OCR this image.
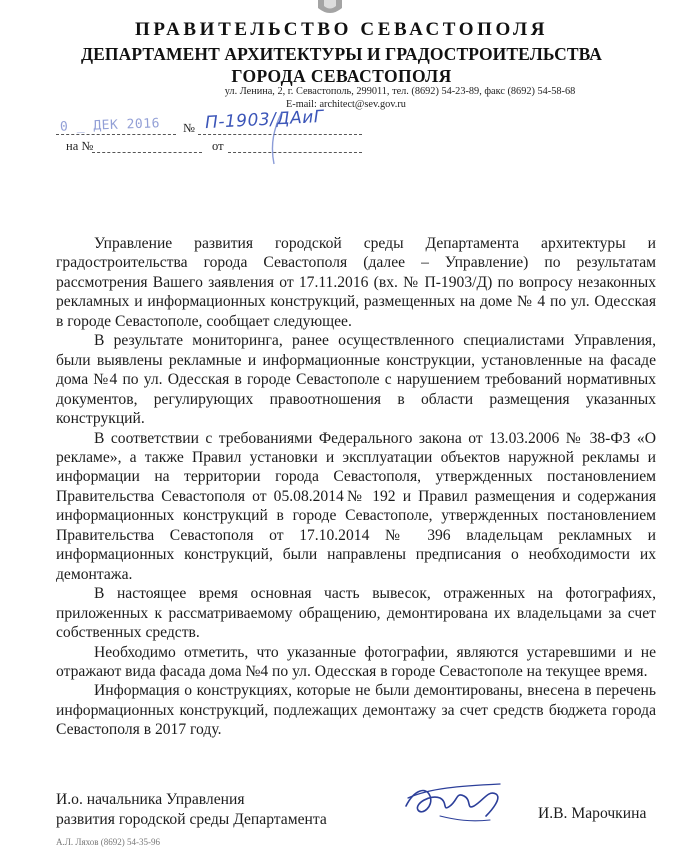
ПРАВИТЕЛЬСТВО СЕВАСТОПОЛЯ
ДЕПАРТАМЕНТ АРХИТЕКТУРЫ И ГРАДОСТРОИТЕЛЬСТВА
ГОРОДА СЕВАСТОПОЛЯ
ул. Ленина, 2, г. Севастополь, 299011, тел. (8692) 54-23-89, факс (8692) 54-58-68
E-mail: architect@sev.gov.ru
0 _ ДЕК 2016 № П-1903/ДАиГ
на №	от

Управление развития городской среды Департамента архитектуры и градостроительства города Севастополя (далее – Управление) по результатам рассмотрения Вашего заявления от 17.11.2016 (вх. № П-1903/Д) по вопросу незаконных рекламных и информационных конструкций, размещенных на доме № 4 по ул. Одесская в городе Севастополе, сообщает следующее.

В результате мониторинга, ранее осуществленного специалистами Управления, были выявлены рекламные и информационные конструкции, установленные на фасаде дома №4 по ул. Одесская в городе Севастополе с нарушением требований нормативных документов, регулирующих правоотношения в области размещения указанных конструкций.

В соответствии с требованиями Федерального закона от 13.03.2006 № 38-ФЗ «О рекламе», а также Правил установки и эксплуатации объектов наружной рекламы и информации на территории города Севастополя, утвержденных постановлением Правительства Севастополя от 05.08.2014№ 192 и Правил размещения и содержания информационных конструкций в городе Севастополе, утвержденных постановлением Правительства Севастополя от 17.10.2014 № 396 владельцам рекламных и информационных конструкций, были направлены предписания о необходимости их демонтажа.

В настоящее время основная часть вывесок, отраженных на фотографиях, приложенных к рассматриваемому обращению, демонтирована их владельцами за счет собственных средств.

Необходимо отметить, что указанные фотографии, являются устаревшими и не отражают вида фасада дома №4 по ул. Одесская в городе Севастополе на текущее время.

Информация о конструкциях, которые не были демонтированы, внесена в перечень информационных конструкций, подлежащих демонтажу за счет средств бюджета города Севастополя в 2017 году.

И.о. начальника Управления
развития городской среды Департамента	И.В. Марочкина
А.Л. Ляхов (8692) 54-35-96
